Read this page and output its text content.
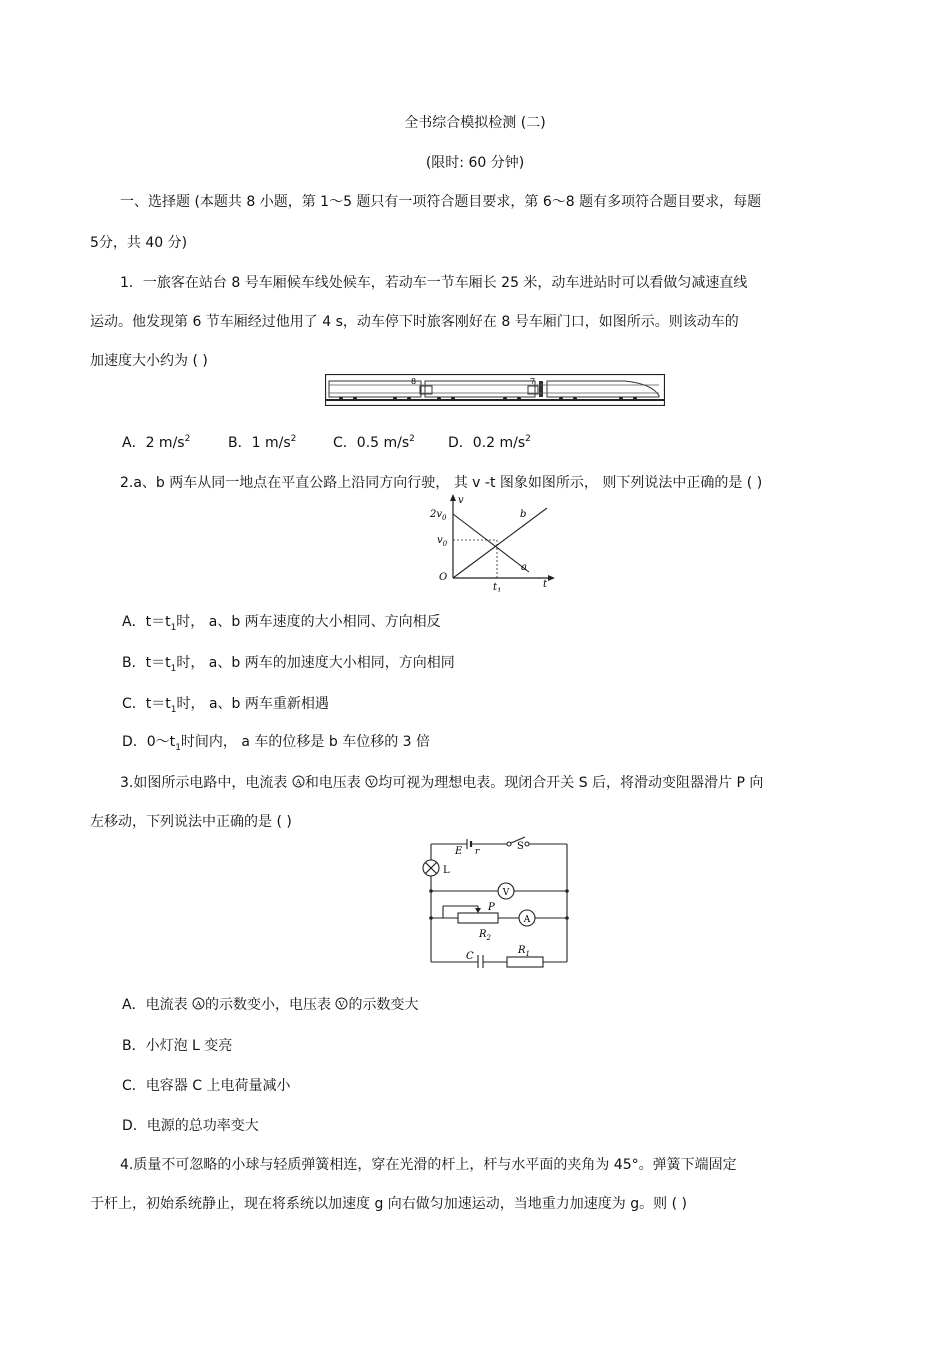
全书综合模拟检测 (二)
(限时: 60 分钟)
一、选择题 (本题共 8 小题，第 1～5 题只有一项符合题目要求，第 6～8 题有多项符合题目要求，每题
5分，共 40 分)
1．一旅客在站台 8 号车厢候车线处候车，若动车一节车厢长 25 米，动车进站时可以看做匀减速直线
运动。他发现第 6 节车厢经过他用了 4 s，动车停下时旅客刚好在 8 号车厢门口，如图所示。则该动车的
加速度大小约为 ( )
8	7
A．2 $m/s^2$	B．1 $m/s^2$	C．0.5 $m/s^2$ D．0.2 $m/s^2$
2.a、b 两车从同一地点在平直公路上沿同方向行驶， 其 v -t 图象如图所示， 则下列说法中正确的是 ( )
v
t
O
$2v_0$
$v_0$
$t_1$
a
b
A．$t=t_1$时， a、b 两车速度的大小相同、方向相反
B．$t=t_1$时， a、b 两车的加速度大小相同，方向相同
C．$t=t_1$时， a、b 两车重新相遇
D．$0\sim t_1$时间内， a 车的位移是 b 车位移的 3 倍
3.如图所示电路中，电流表 A 和电压表 V 均可视为理想电表。现闭合开关 S 后，将滑动变阻器滑片 P 向
左移动，下列说法中正确的是 ( )
E r	S
L
V
A
P
$R_2$
$R_1$
C
A．电流表 A 的示数变小，电压表 V 的示数变大
B．小灯泡 L 变亮
C．电容器 C 上电荷量减小
D．电源的总功率变大
4.质量不可忽略的小球与轻质弹簧相连，穿在光滑的杆上，杆与水平面的夹角为 45°。弹簧下端固定
于杆上，初始系统静止，现在将系统以加速度 g 向右做匀加速运动，当地重力加速度为 g。则 ( )
